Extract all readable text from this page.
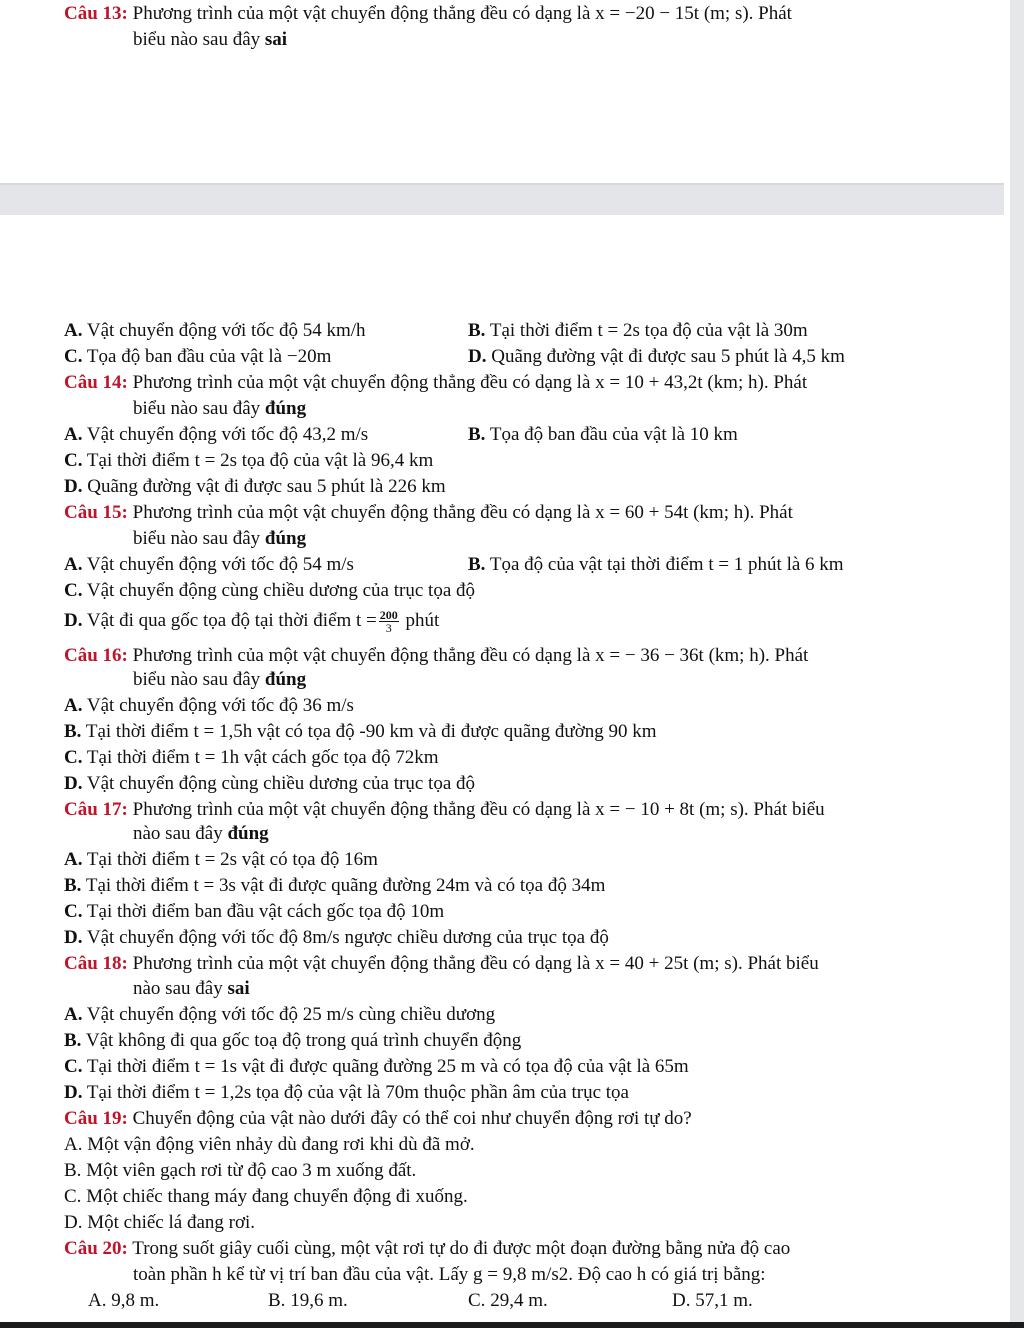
Câu 13: Phương trình của một vật chuyển động thẳng đều có dạng là x = −20 − 15t (m; s). Phát
biểu nào sau đây sai
A. Vật chuyển động với tốc độ 54 km/h	B. Tại thời điểm t = 2s tọa độ của vật là 30m
C. Tọa độ ban đầu của vật là −20m	D. Quãng đường vật đi được sau 5 phút là 4,5 km
Câu 14: Phương trình của một vật chuyển động thẳng đều có dạng là x = 10 + 43,2t (km; h). Phát
biểu nào sau đây đúng
A. Vật chuyển động với tốc độ 43,2 m/s	B. Tọa độ ban đầu của vật là 10 km
C. Tại thời điểm t = 2s tọa độ của vật là 96,4 km
D. Quãng đường vật đi được sau 5 phút là 226 km
Câu 15: Phương trình của một vật chuyển động thẳng đều có dạng là x = 60 + 54t (km; h). Phát
biểu nào sau đây đúng
A. Vật chuyển động với tốc độ 54 m/s	B. Tọa độ của vật tại thời điểm t = 1 phút là 6 km
C. Vật chuyển động cùng chiều dương của trục tọa độ
D. Vật đi qua gốc tọa độ tại thời điểm $t = \frac{200}{3}$ phút
Câu 16: Phương trình của một vật chuyển động thẳng đều có dạng là x = − 36 − 36t (km; h). Phát
biểu nào sau đây đúng
A. Vật chuyển động với tốc độ 36 m/s
B. Tại thời điểm t = 1,5h vật có tọa độ -90 km và đi được quãng đường 90 km
C. Tại thời điểm t = 1h vật cách gốc tọa độ 72km
D. Vật chuyển động cùng chiều dương của trục tọa độ
Câu 17: Phương trình của một vật chuyển động thẳng đều có dạng là x = − 10 + 8t (m; s). Phát biểu
nào sau đây đúng
A. Tại thời điểm t = 2s vật có tọa độ 16m
B. Tại thời điểm t = 3s vật đi được quãng đường 24m và có tọa độ 34m
C. Tại thời điểm ban đầu vật cách gốc tọa độ 10m
D. Vật chuyển động với tốc độ 8m/s ngược chiều dương của trục tọa độ
Câu 18: Phương trình của một vật chuyển động thẳng đều có dạng là x = 40 + 25t (m; s). Phát biểu
nào sau đây sai
A. Vật chuyển động với tốc độ 25 m/s cùng chiều dương
B. Vật không đi qua gốc toạ độ trong quá trình chuyển động
C. Tại thời điểm t = 1s vật đi được quãng đường 25 m và có tọa độ của vật là 65m
D. Tại thời điểm t = 1,2s tọa độ của vật là 70m thuộc phần âm của trục tọa
Câu 19: Chuyển động của vật nào dưới đây có thể coi như chuyển động rơi tự do?
A. Một vận động viên nhảy dù đang rơi khi dù đã mở.
B. Một viên gạch rơi từ độ cao 3 m xuống đất.
C. Một chiếc thang máy đang chuyển động đi xuống.
D. Một chiếc lá đang rơi.
Câu 20: Trong suốt giây cuối cùng, một vật rơi tự do đi được một đoạn đường bằng nửa độ cao
toàn phần h kể từ vị trí ban đầu của vật. Lấy g = 9,8 m/s2. Độ cao h có giá trị bằng:
A. 9,8 m.	B. 19,6 m.	C. 29,4 m.	D. 57,1 m.
